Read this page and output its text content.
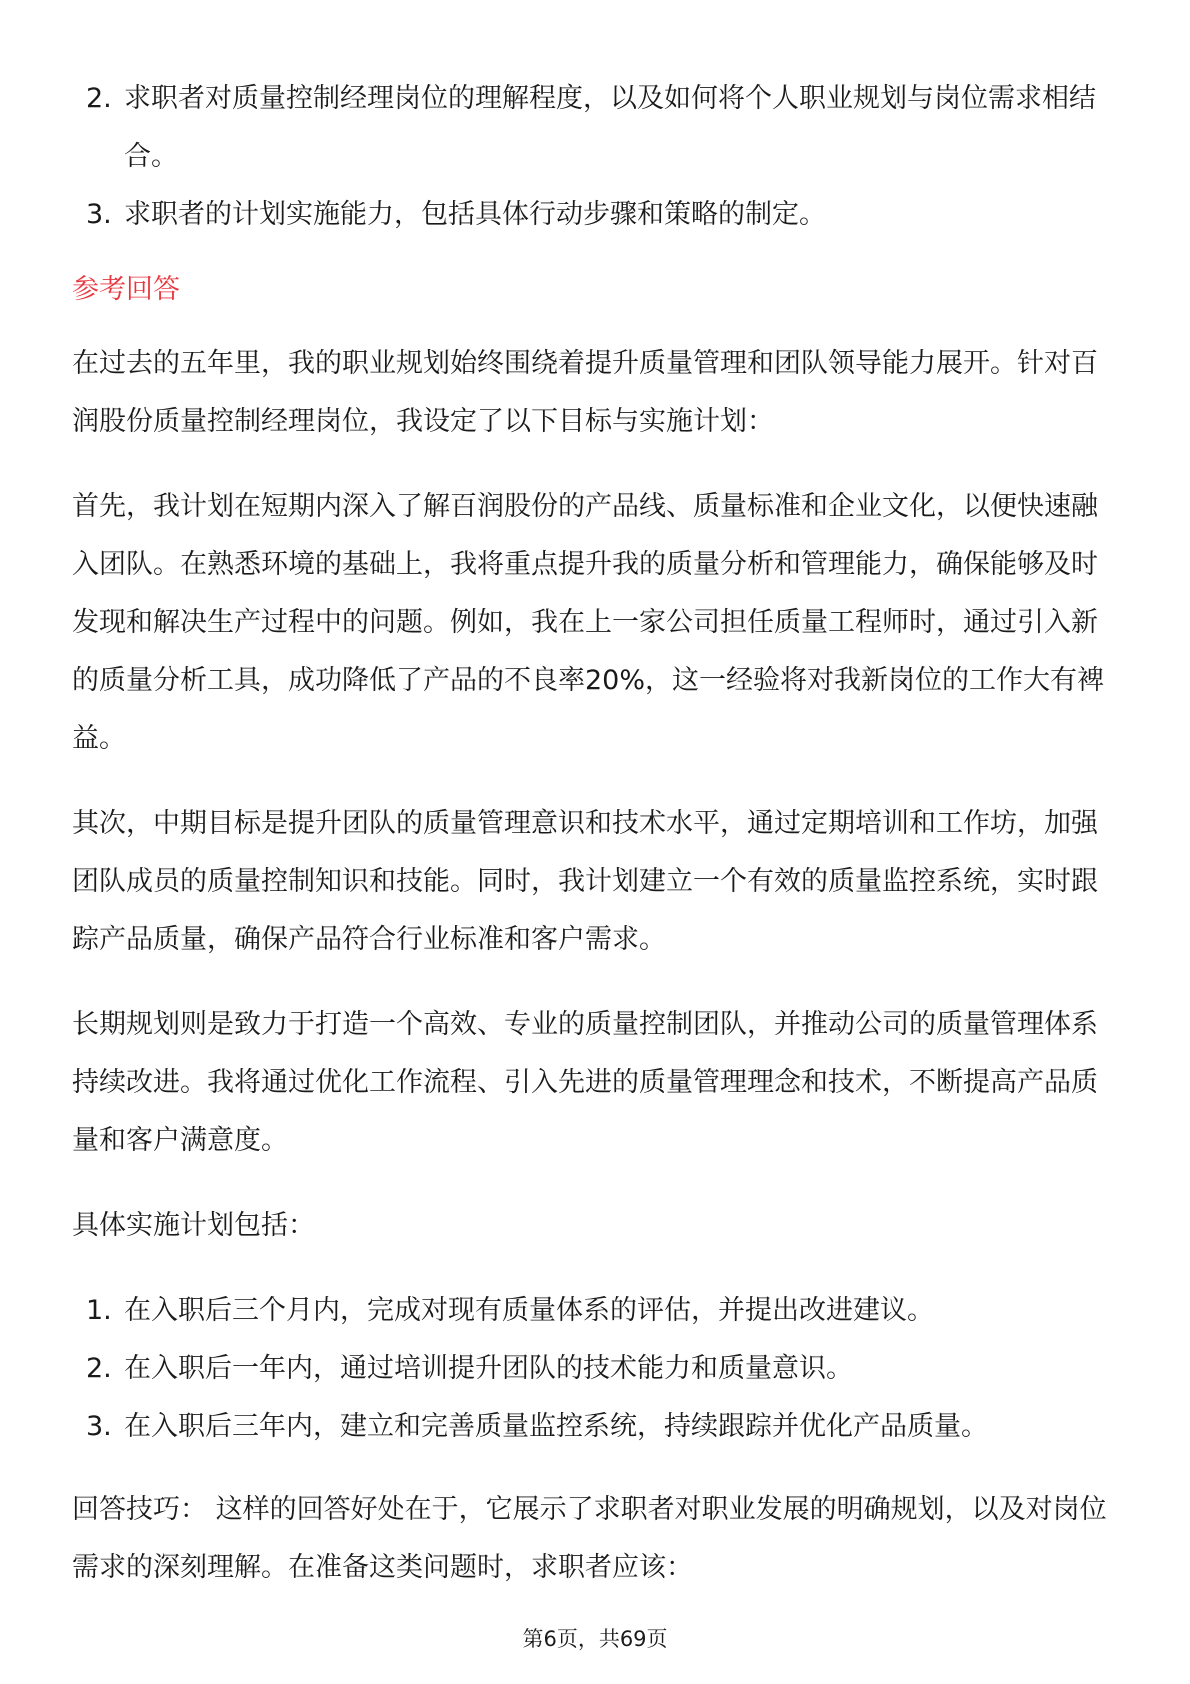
2. 求职者对质量控制经理岗位的理解程度，以及如何将个人职业规划与岗位需求相结合。
3. 求职者的计划实施能力，包括具体行动步骤和策略的制定。
参考回答

在过去的五年里，我的职业规划始终围绕着提升质量管理和团队领导能力展开。针对百润股份质量控制经理岗位，我设定了以下目标与实施计划：

首先，我计划在短期内深入了解百润股份的产品线、质量标准和企业文化，以便快速融入团队。在熟悉环境的基础上，我将重点提升我的质量分析和管理能力，确保能够及时发现和解决生产过程中的问题。例如，我在上一家公司担任质量工程师时，通过引入新的质量分析工具，成功降低了产品的不良率20%，这一经验将对我新岗位的工作大有裨益。

其次，中期目标是提升团队的质量管理意识和技术水平，通过定期培训和工作坊，加强团队成员的质量控制知识和技能。同时，我计划建立一个有效的质量监控系统，实时跟踪产品质量，确保产品符合行业标准和客户需求。

长期规划则是致力于打造一个高效、专业的质量控制团队，并推动公司的质量管理体系持续改进。我将通过优化工作流程、引入先进的质量管理理念和技术，不断提高产品质量和客户满意度。

具体实施计划包括：

1. 在入职后三个月内，完成对现有质量体系的评估，并提出改进建议。
2. 在入职后一年内，通过培训提升团队的技术能力和质量意识。
3. 在入职后三年内，建立和完善质量监控系统，持续跟踪并优化产品质量。

回答技巧： 这样的回答好处在于，它展示了求职者对职业发展的明确规划，以及对岗位需求的深刻理解。在准备这类问题时，求职者应该：

第6页，共69页
